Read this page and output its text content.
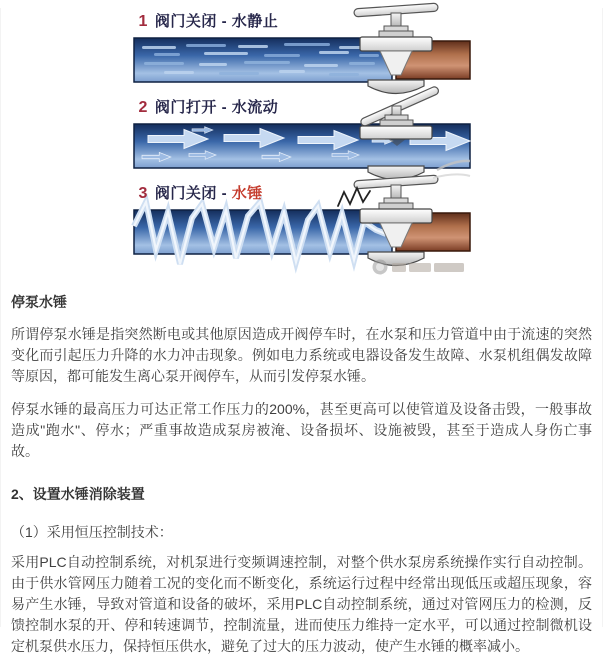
1 阀门关闭 - 水静止
2 阀门打开 - 水流动
3 阀门关闭 - 水锤
停泵水锤

所谓停泵水锤是指突然断电或其他原因造成开阀停车时，在水泵和压力管道中由于流速的突然变化而引起压力升降的水力冲击现象。例如电力系统或电器设备发生故障、水泵机组偶发故障等原因，都可能发生离心泵开阀停车，从而引发停泵水锤。

停泵水锤的最高压力可达正常工作压力的200%，甚至更高可以使管道及设备击毁，一般事故造成"跑水"、停水；严重事故造成泵房被淹、设备损坏、设施被毁，甚至于造成人身伤亡事故。

2、设置水锤消除装置
（1）采用恒压控制技术：

采用PLC自动控制系统，对机泵进行变频调速控制，对整个供水泵房系统操作实行自动控制。由于供水管网压力随着工况的变化而不断变化，系统运行过程中经常出现低压或超压现象，容易产生水锤，导致对管道和设备的破坏，采用PLC自动控制系统，通过对管网压力的检测，反馈控制水泵的开、停和转速调节，控制流量，进而使压力维持一定水平，可以通过控制微机设定机泵供水压力，保持恒压供水，避免了过大的压力波动，使产生水锤的概率减小。
